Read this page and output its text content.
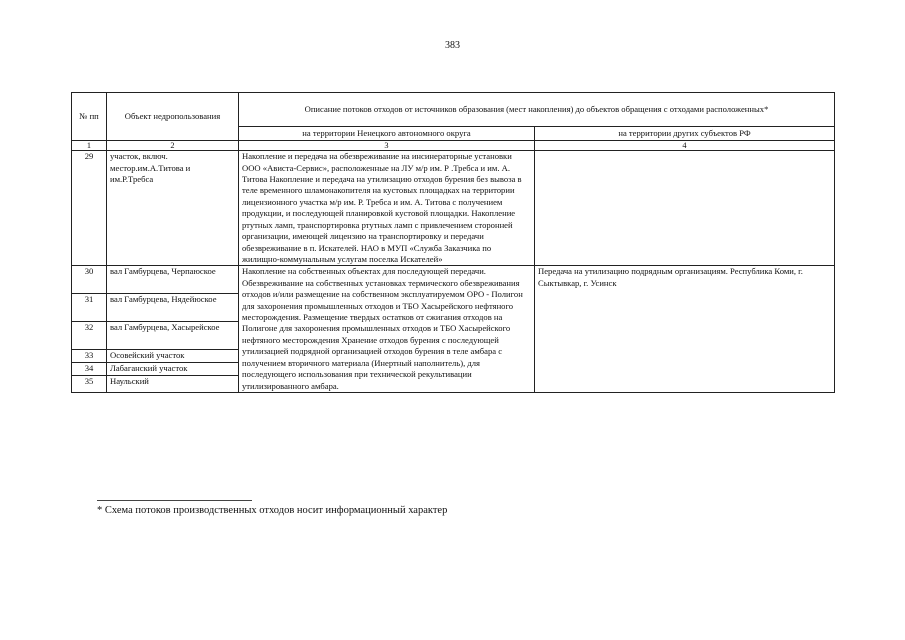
383
№ пп	Объект недропользования	Описание потоков отходов от источников образования (мест накопления) до объектов обращения с отходами расположенных*	
		на территории Ненецкого автономного округа	на территории других субъектов РФ
1	2	3	4
29	участок, включ. местор.им.А.Титова и им.Р.Требса	Накопление и передача на обезвреживание на инсинераторные установки ООО «Ависта-Сервис», расположенные на ЛУ м/р им. Р .Требса и им. А. Титова Накопление и передача на утилизацию отходов бурения без вывоза в теле временного шламонакопителя на кустовых площадках на территории лицензионного участка м/р им. Р. Требса и им. А. Титова с получением продукции, и последующей планировкой кустовой площадки. Накопление ртутных ламп, транспортировка ртутных ламп с привлечением сторонней организации, имеющей лицензию на транспортировку и передачи обезвреживание в п. Искателей. НАО в МУП «Служба Заказчика по жилищно-коммунальным услугам поселка Искателей»	
30	вал Гамбурцева, Черпаюское	Накопление на собственных объектах для последующей передачи. Обезвреживание на собственных установках термического обезвреживания отходов и/или размещение на собственном эксплуатируемом ОРО - Полигон для захоронения промышленных отходов и ТБО Хасырейского нефтяного месторождения. Размещение твердых остатков от сжигания отходов на Полигоне для захоронения промышленных отходов и ТБО Хасырейского нефтяного месторождения Хранение отходов бурения с последующей утилизацией подрядной организацией отходов бурения в теле амбара с получением вторичного материала (Инертный наполнитель), для последующего использования при технической рекультивации утилизированного амбара.	Передача на утилизацию подрядным организациям. Республика Коми, г. Сыктывкар, г. Усинск
31	вал Гамбурцева, Нядейюское		
32	вал Гамбурцева, Хасырейское		
33	Осовейский участок		
34	Лабаганский участок		
35	Наульский		
* Схема потоков производственных отходов носит информационный характер
